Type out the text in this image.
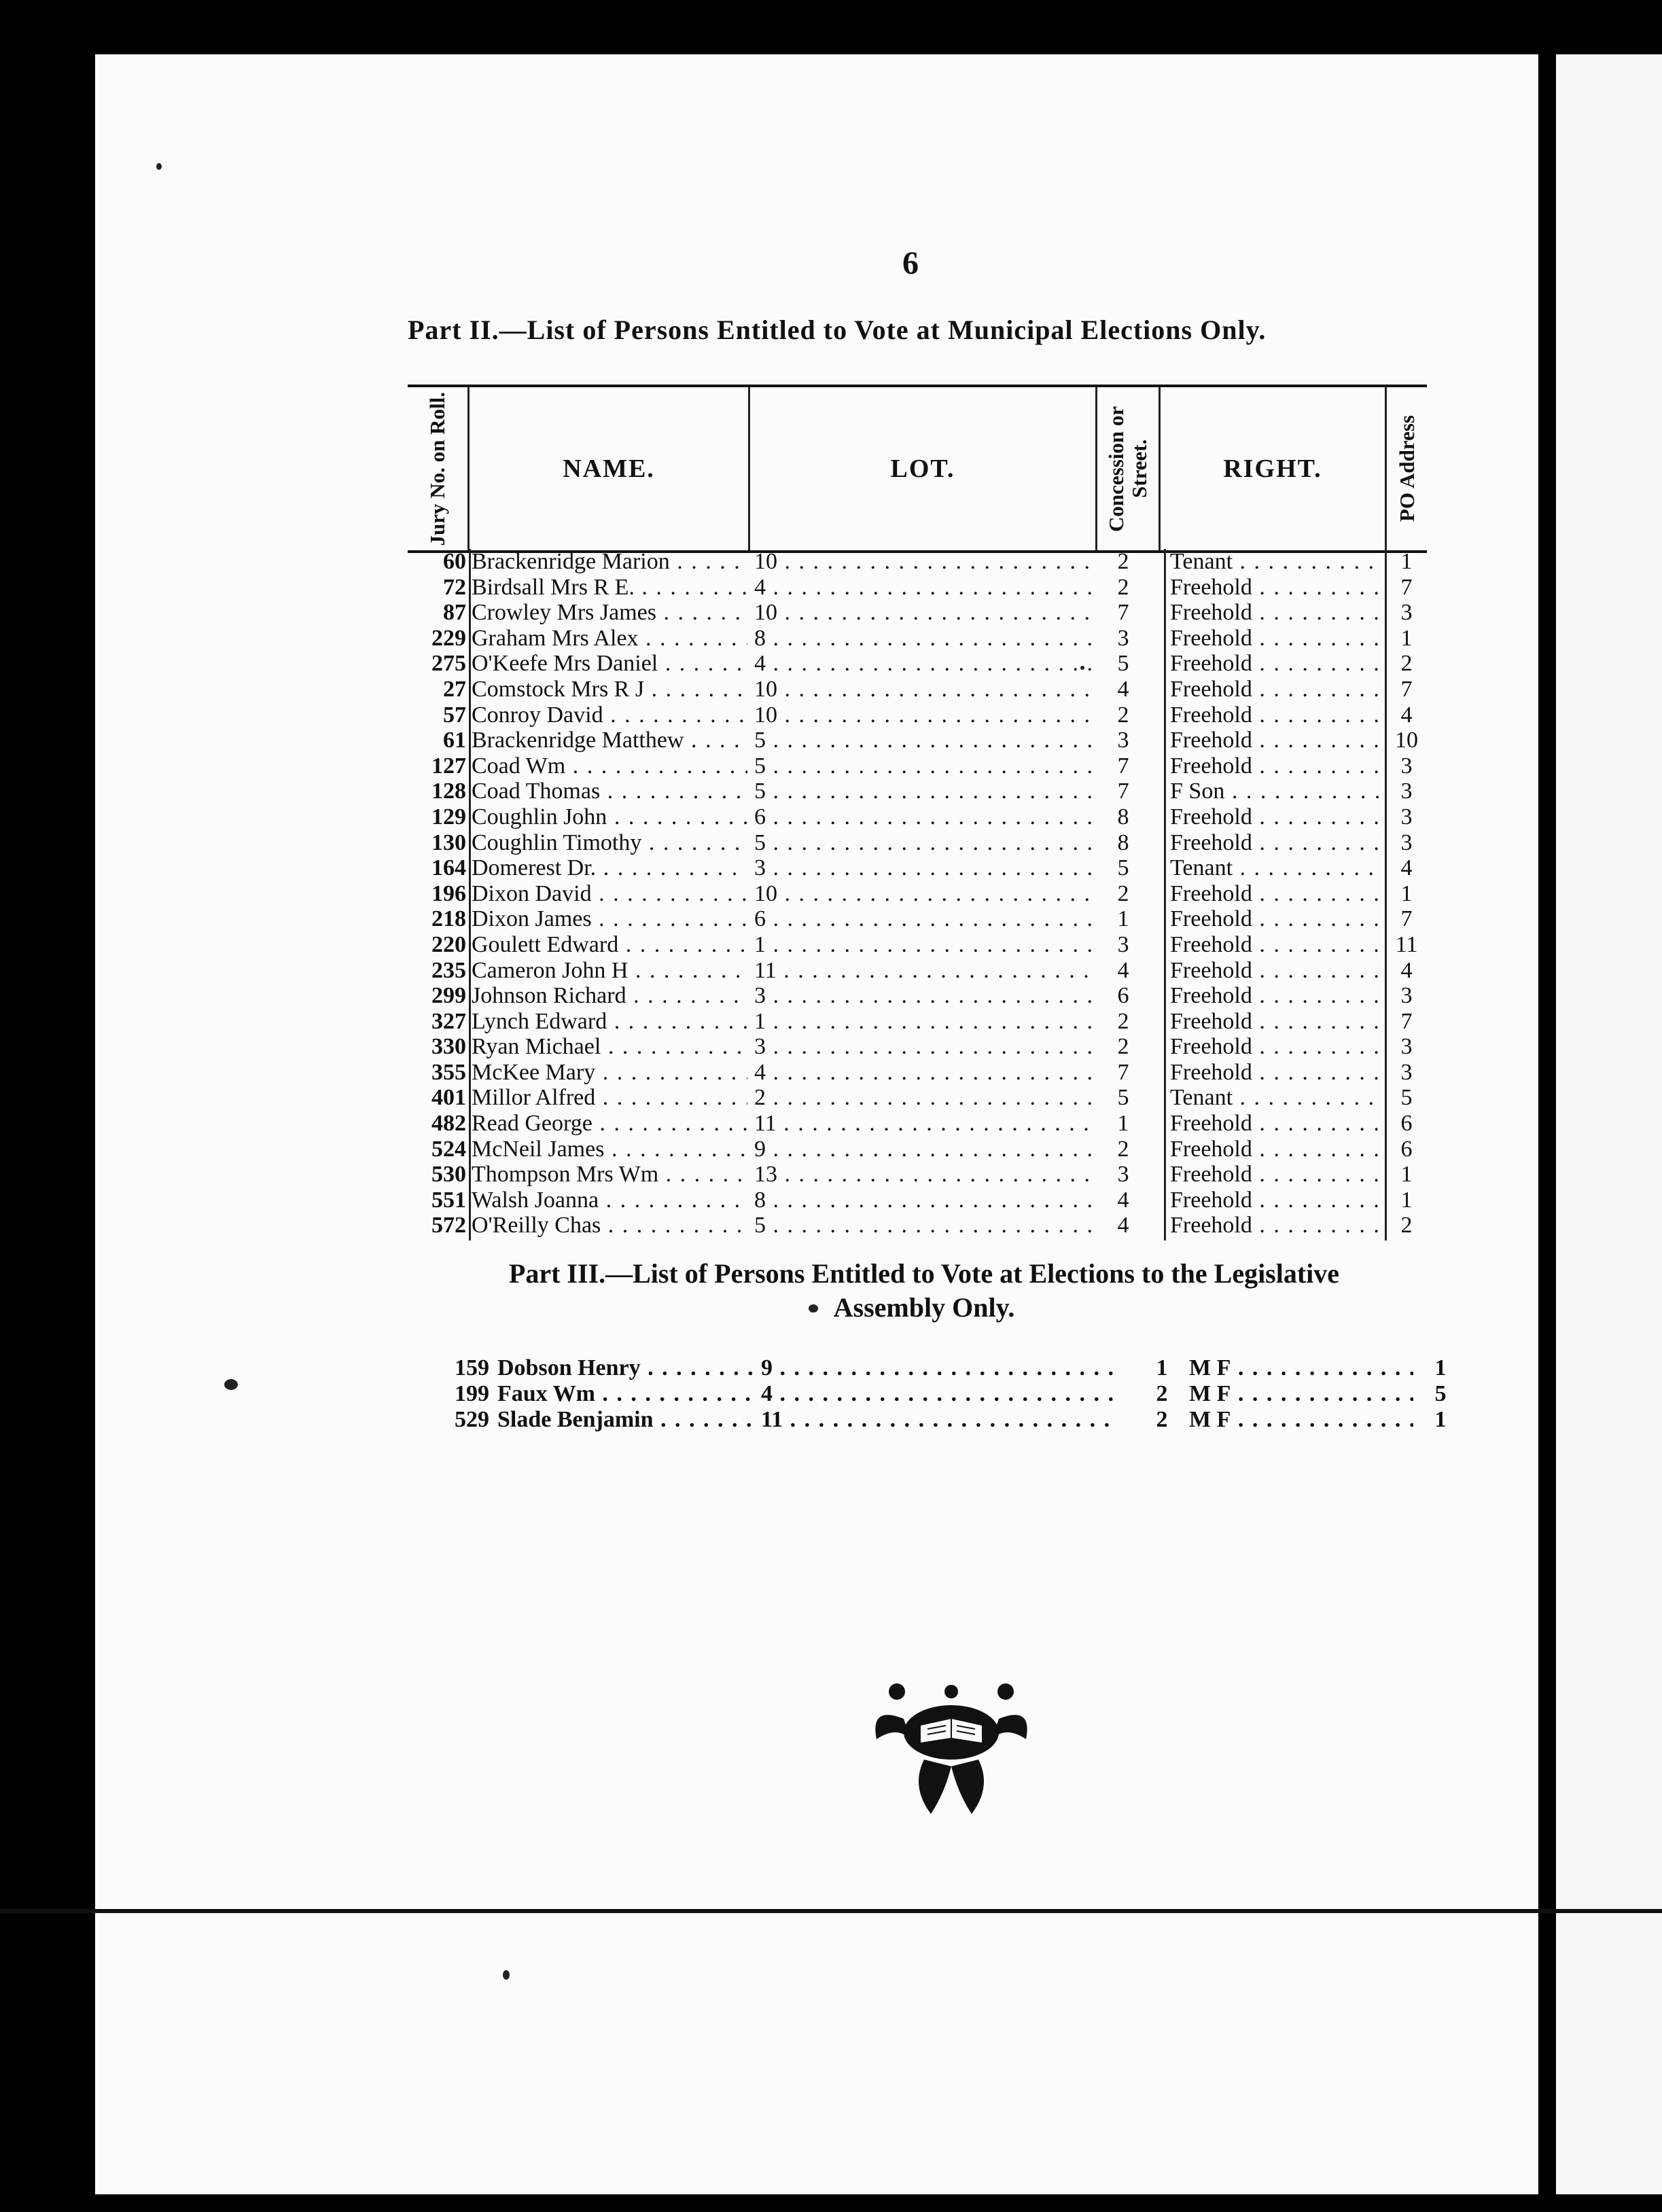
6
Part II.—List of Persons Entitled to Vote at Municipal Elections Only.
Jury No. on Roll.	NAME.	LOT.	Concession or Street.	RIGHT.	PO Address
60 Brackenridge Marion . . .	10 . . .	2	Tenant . . .	1
72 Birdsall Mrs R E. . . .	4 . . .	2	Freehold . . .	7
87 Crowley Mrs James . . .	10 . . .	7	Freehold . . .	3
229 Graham Mrs Alex . . .	8 . . .	3	Freehold . . .	1
275 O'Keefe Mrs Daniel . . .	4 . . .	5	Freehold . . .	2
27 Comstock Mrs R J . . .	10 . . .	4	Freehold . . .	7
57 Conroy David . . .	10 . . .	2	Freehold . . .	4
61 Brackenridge Matthew . . .	5 . . .	3	Freehold . . .	10
127 Coad Wm . . .	5 . . .	7	Freehold . . .	3
128 Coad Thomas . . .	5 . . .	7	F Son . . .	3
129 Coughlin John . . .	6 . . .	8	Freehold . . .	3
130 Coughlin Timothy . . .	5 . . .	8	Freehold . . .	3
164 Domerest Dr. . . .	3 . . .	5	Tenant . . .	4
196 Dixon David . . .	10 . . .	2	Freehold . . .	1
218 Dixon James . . .	6 . . .	1	Freehold . . .	7
220 Goulett Edward . . .	1 . . .	3	Freehold . . .	11
235 Cameron John H . . .	11 . . .	4	Freehold . . .	4
299 Johnson Richard . . .	3 . . .	6	Freehold . . .	3
327 Lynch Edward . . .	1 . . .	2	Freehold . . .	7
330 Ryan Michael . . .	3 . . .	2	Freehold . . .	3
355 McKee Mary . . .	4 . . .	7	Freehold . . .	3
401 Millor Alfred . . .	2 . . .	5	Tenant . . .	5
482 Read George . . .	11 . . .	1	Freehold . . .	6
524 McNeil James . . .	9 . . .	2	Freehold . . .	6
530 Thompson Mrs Wm . . .	13 . . .	3	Freehold . . .	1
551 Walsh Joanna . . .	8 . . .	4	Freehold . . .	1
572 O'Reilly Chas . . .	5 . . .	4	Freehold . . .	2
Part III.—List of Persons Entitled to Vote at Elections to the Legislative
Assembly Only.
159 Dobson Henry . . .	9 . . .	1 M F . . .	1
199 Faux Wm . . .	4 . . .	2 M F . . .	5
529 Slade Benjamin . . .	11 . . .	2 M F . . .	1
